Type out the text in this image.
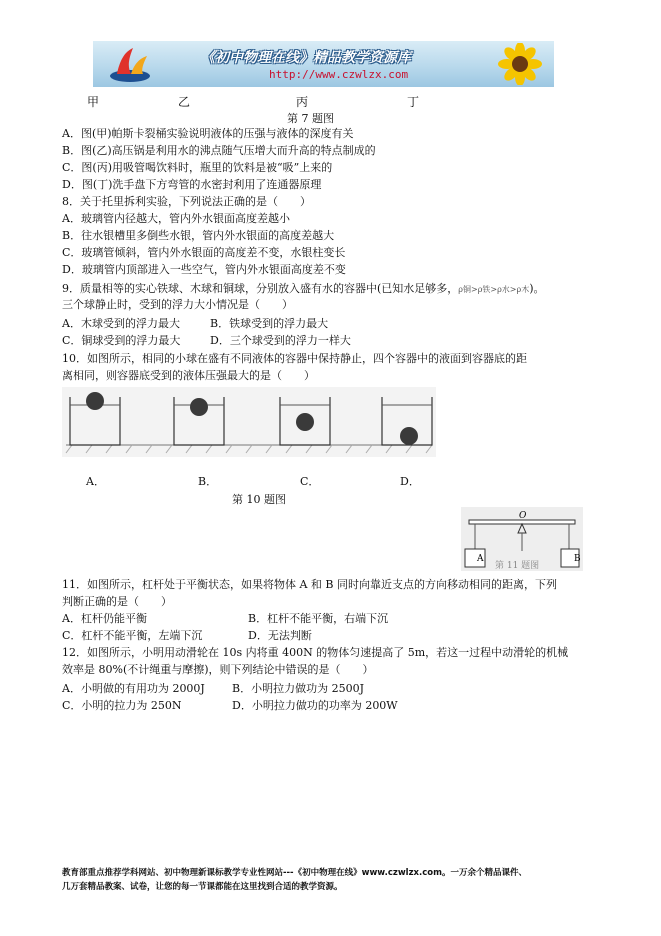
《初中物理在线》精品教学资源库
http://www.czwlzx.com
甲	乙	丙	丁
第 7 题图
A．图(甲)帕斯卡裂桶实验说明液体的压强与液体的深度有关
B．图(乙)高压锅是利用水的沸点随气压增大而升高的特点制成的
C．图(丙)用吸管喝饮料时，瓶里的饮料是被“吸”上来的
D．图(丁)洗手盘下方弯管的水密封利用了连通器原理
8．关于托里拆利实验，下列说法正确的是（　　）
A．玻璃管内径越大，管内外水银面高度差越小
B．往水银槽里多倒些水银，管内外水银面的高度差越大
C．玻璃管倾斜，管内外水银面的高度差不变，水银柱变长
D．玻璃管内顶部进入一些空气，管内外水银面高度差不变
9．质量相等的实心铁球、木球和铜球，分别放入盛有水的容器中(已知水足够多，ρ铜>ρ铁>ρ水>ρ木)。
三个球静止时，受到的浮力大小情况是（　　）
A．木球受到的浮力最大	B．铁球受到的浮力最大
C．铜球受到的浮力最大	D．三个球受到的浮力一样大
10．如图所示，相同的小球在盛有不同液体的容器中保持静止，四个容器中的液面到容器底的距
离相同，则容器底受到的液体压强最大的是（　　）
A．	B．	C．	D．
第 10 题图
O
A	B
第 11 题图
11．如图所示，杠杆处于平衡状态，如果将物体 A 和 B 同时向靠近支点的方向移动相同的距离，下列
判断正确的是（　　）
A．杠杆仍能平衡	B．杠杆不能平衡，右端下沉
C．杠杆不能平衡，左端下沉	D．无法判断
12．如图所示，小明用动滑轮在 10s 内将重 400N 的物体匀速提高了 5m，若这一过程中动滑轮的机械
效率是 80%(不计绳重与摩擦)，则下列结论中错误的是（　　）
A．小明做的有用功为 2000J B．小明拉力做功为 2500J
C．小明的拉力为 250N	D．小明拉力做功的功率为 200W
教育部重点推荐学科网站、初中物理新课标教学专业性网站---《初中物理在线》www.czwlzx.com。一万余个精品课件、
几万套精品教案、试卷，让您的每一节课都能在这里找到合适的教学资源。
